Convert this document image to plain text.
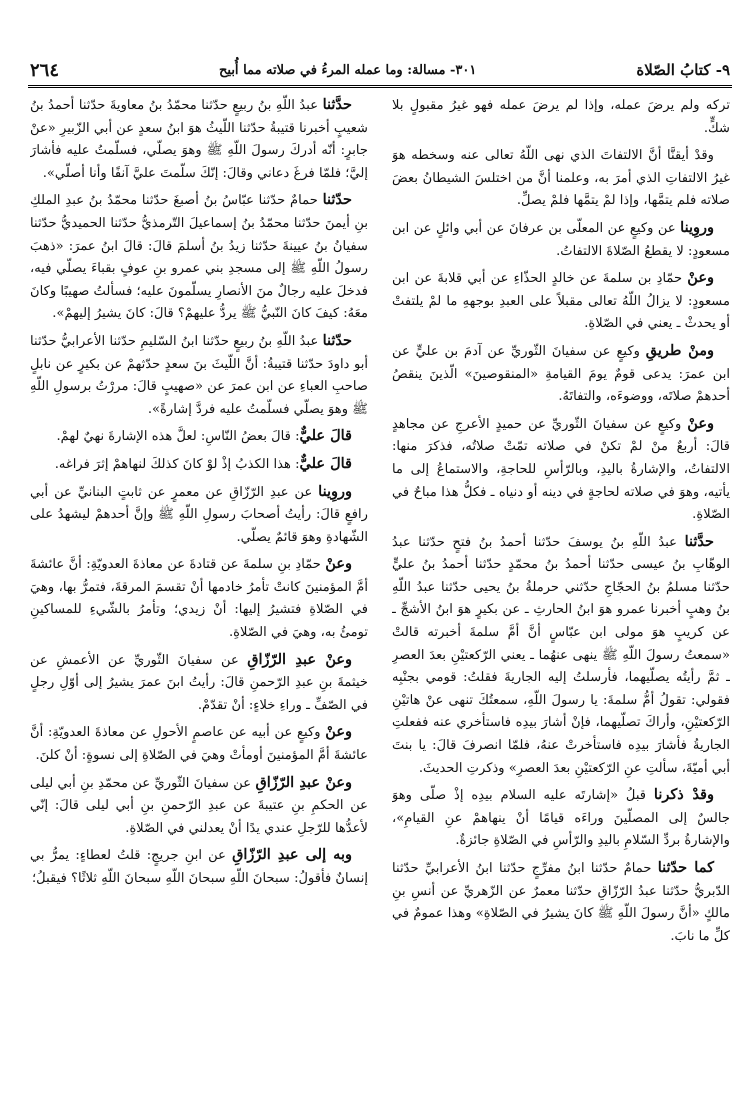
٩- كتابُ الصّلاة
٣٠١- مسالة: وما عمله المرءُ في صلاته مما أُبيح
٢٦٤

تركه ولم يرضَ عمله، وإذا لم يرضَ عمله فهو غيرُ مقبولٍ بلا شكٍّ.

وقدْ أيقنَّا أنَّ الالتفاتَ الذي نهى اللّهُ تعالى عنه وسخطه هوَ غيرُ الالتفاتِ الذي أمرَ به، وعلمنا أنَّ من اختلسَ الشيطانُ بعضَ صلاته فلم يتمَّها، وإذا لمْ يتمَّها فلمْ يصلِّ.

وروِينا عن وكيعٍ عن المعلّى بن عرفانَ عن أبي وائلٍ عن ابن مسعودٍ: لا يقطعُ الصّلاةَ الالتفاتُ.

وعنْ حمّادِ بن سلمةَ عن خالدٍ الحذّاءِ عن أبي قلابةَ عن ابن مسعودٍ: لا يزالُ اللّهُ تعالى مقبلاً على العبدِ بوجههِ ما لمْ يلتفتْ أو يحدثْ ـ يعني في الصّلاةِ.

ومنْ طريقِ وكيعٍ عن سفيانَ الثّوريِّ عن آدمَ بن عليٍّ عن ابن عمرَ: يدعى قومٌ يومَ القيامةِ «المنقوصينَ» الّذينَ ينقصُ أحدهمْ صلاتَه، ووضوءَه، والتفاتَهُ.

وعنْ وكيعٍ عن سفيانَ الثّوريِّ عن حميدٍ الأعرجِ عن مجاهدٍ قالَ: أربعٌ منْ لمْ تكنْ في صلاته تمّتْ صلاتُه، فذكرَ منها: الالتفاتُ، والإشارةُ باليدِ، وبالرّأسِ للحاجةِ، والاستماعُ إلى ما يأتيه، وهوَ في صلاته لحاجةٍ في دينه أو دنياه ـ فكلُّ هذا مباحٌ في الصّلاةِ.

حدَّثنا عبدُ اللّهِ بنُ يوسفَ حدّثنا أحمدُ بنُ فتحٍ حدّثنا عبدُ الوهّابِ بنُ عيسى حدّثنا أحمدُ بنُ محمّدٍ حدّثنا أحمدُ بنُ عليٍّ حدّثنا مسلمُ بنُ الحجّاجِ حدّثني حرملةُ بنُ يحيى حدّثنا عبدُ اللّهِ بنُ وهبٍ أخبرنا عمرو هوَ ابنُ الحارثِ ـ عن بكيرٍ هوَ ابنُ الأشجِّ ـ عن كريبٍ هوَ مولى ابن عبّاسٍ أنَّ أمَّ سلمةَ أخبرته قالتْ «سمعتُ رسولَ اللّهِ ﷺ ينهى عنهُما ـ يعني الرّكعتيْنِ بعدَ العصرِ ـ ثمَّ رأيتُه يصلّيهما، فأرسلتُ إليه الجاريةَ فقلتُ: قومي بجنْبِه فقولي: تقولُ أمُّ سلمةَ: يا رسولَ اللّهِ، سمعتُكَ تنهى عنْ هاتيْنِ الرّكعتيْنِ، وأراكَ تصلّيهما، فإنْ أشارَ بيدِه فاستأخري عنه ففعلتِ الجاريةُ فأشارَ بيدِه فاستأخرتْ عنهُ، فلمّا انصرفَ قالَ: يا بنتَ أبي أميّةَ، سألتِ عنِ الرّكعتيْنِ بعدَ العصرِ» وذكرتِ الحديثَ.

وقدْ ذكرنا قبلُ «إشارتَه عليه السلام بيدِه إذْ صلّى وهوَ جالسٌ إلى المصلّينَ وراءَه قيامًا أنْ ينهاهمْ عنِ القيامِ»، والإشارةُ بردِّ السّلامِ باليدِ والرّأسِ في الصّلاةِ جائزةٌ.

كما حدّثنا حمامٌ حدّثنا ابنُ مفرِّجٍ حدّثنا ابنُ الأعرابيِّ حدّثنا الدّبريُّ حدّثنا عبدُ الرّزّاقِ حدّثنا معمرٌ عن الزّهريِّ عن أنسِ بنِ مالكٍ «أنَّ رسولَ اللّهِ ﷺ كانَ يشيرُ في الصّلاةِ» وهذا عمومٌ في كلِّ ما نابَ.

حدَّثنا عبدُ اللّهِ بنُ ربيعٍ حدّثنا محمّدُ بنُ معاويةَ حدّثنا أحمدُ بنُ شعيبٍ أخبرنا قتيبةُ حدّثنا اللّيثُ هوَ ابنُ سعدٍ عن أبي الزّبيرِ «عنْ جابرٍ: أنّه أدركَ رسولَ اللّهِ ﷺ وهوَ يصلّي، فسلّمتُ عليه فأشارَ إليَّ؛ فلمّا فرغَ دعاني وقالَ: إنّكَ سلّمتَ عليَّ آنفًا وأنا أصلّي».

حدّثنا حمامٌ حدّثنا عبّاسُ بنُ أصبغَ حدّثنا محمّدُ بنُ عبدِ الملكِ بنِ أيمنَ حدّثنا محمّدُ بنُ إسماعيلَ التّرمذيُّ حدّثنا الحميديُّ حدّثنا سفيانُ بنُ عيينةَ حدّثنا زيدُ بنُ أسلمَ قالَ: قالَ ابنُ عمرَ: «ذهبَ رسولُ اللّهِ ﷺ إلى مسجدِ بني عمرو بنِ عوفٍ بقباءَ يصلّي فيه، فدخلَ عليه رجالٌ منَ الأنصارِ يسلّمونَ عليه؛ فسألتُ صهيبًا وكانَ معَهُ: كيفَ كانَ النّبيُّ ﷺ يردُّ عليهمْ؟ قالَ: كانَ يشيرُ إليهمْ».

حدّثنا عبدُ اللّهِ بنُ ربيعٍ حدّثنا ابنُ السّليمِ حدّثنا الأعرابيُّ حدّثنا أبو داودَ حدّثنا قتيبةُ: أنَّ اللّيثَ بنَ سعدٍ حدّثهمْ عن بكيرٍ عن نابلٍ صاحبِ العباءِ عن ابن عمرَ عن «صهيبٍ قالَ: مررْتُ برسولِ اللّهِ ﷺ وهوَ يصلّي فسلّمتُ عليه فردَّ إشارةً».

قالَ عليٌّ: قالَ بعضُ النّاسِ: لعلَّ هذه الإشارةَ نهيٌ لهمْ.

قالَ عليٌّ: هذا الكذبُ إذْ لوْ كانَ كذلكَ لنهاهمْ إثرَ فراغه.

وروِينا عن عبدِ الرّزّاقِ عن معمرٍ عن ثابتٍ البنانيِّ عن أبي رافعٍ قالَ: رأيتُ أصحابَ رسولِ اللّهِ ﷺ وإنَّ أحدهمْ ليشهدُ على الشّهادةِ وهوَ قائمٌ يصلّي.

وعنْ حمّادِ بنِ سلمةَ عن قتادةَ عن معاذةَ العدويّةِ: أنَّ عائشةَ أمَّ المؤمنينَ كانتْ تأمرُ خادمها أنْ تقسمَ المرقةَ، فتمرُّ بها، وهيَ في الصّلاةِ فتشيرُ إليها: أنْ زيدي؛ وتأمرُ بالشّيءِ للمساكينِ تومئُ به، وهيَ في الصّلاةِ.

وعنْ عبدِ الرّزّاقِ عن سفيانَ الثّوريِّ عن الأعمشِ عن خيثمةَ بنِ عبدِ الرّحمنِ قالَ: رأيتُ ابنَ عمرَ يشيرُ إلى أوّلِ رجلٍ في الصّفِّ ـ وراءِ خلاءٍ: أنْ تقدّمْ.

وعنْ وكيعٍ عن أبيه عن عاصمٍ الأحولِ عن معاذةَ العدويّةِ: أنَّ عائشةَ أمَّ المؤمنينَ أومأتْ وهيَ في الصّلاةِ إلى نسوةٍ: أنْ كلنَ.

وعنْ عبدِ الرّزّاقِ عن سفيانَ الثّوريِّ عن محمّدِ بنِ أبي ليلى عن الحكمِ بنِ عتيبةَ عن عبدِ الرّحمنِ بنِ أبي ليلى قالَ: إنّي لأعدُّها للرّجلِ عندي يدًا أنْ يعدلني في الصّلاةِ.

وبه إلى عبدِ الرّزّاقِ عن ابنِ جريجٍ: قلتُ لعطاءٍ: يمرُّ بي إنسانٌ فأقولُ: سبحانَ اللّهِ سبحانَ اللّهِ سبحانَ اللّهِ ثلاثًا؟ فيقبلُ؛
